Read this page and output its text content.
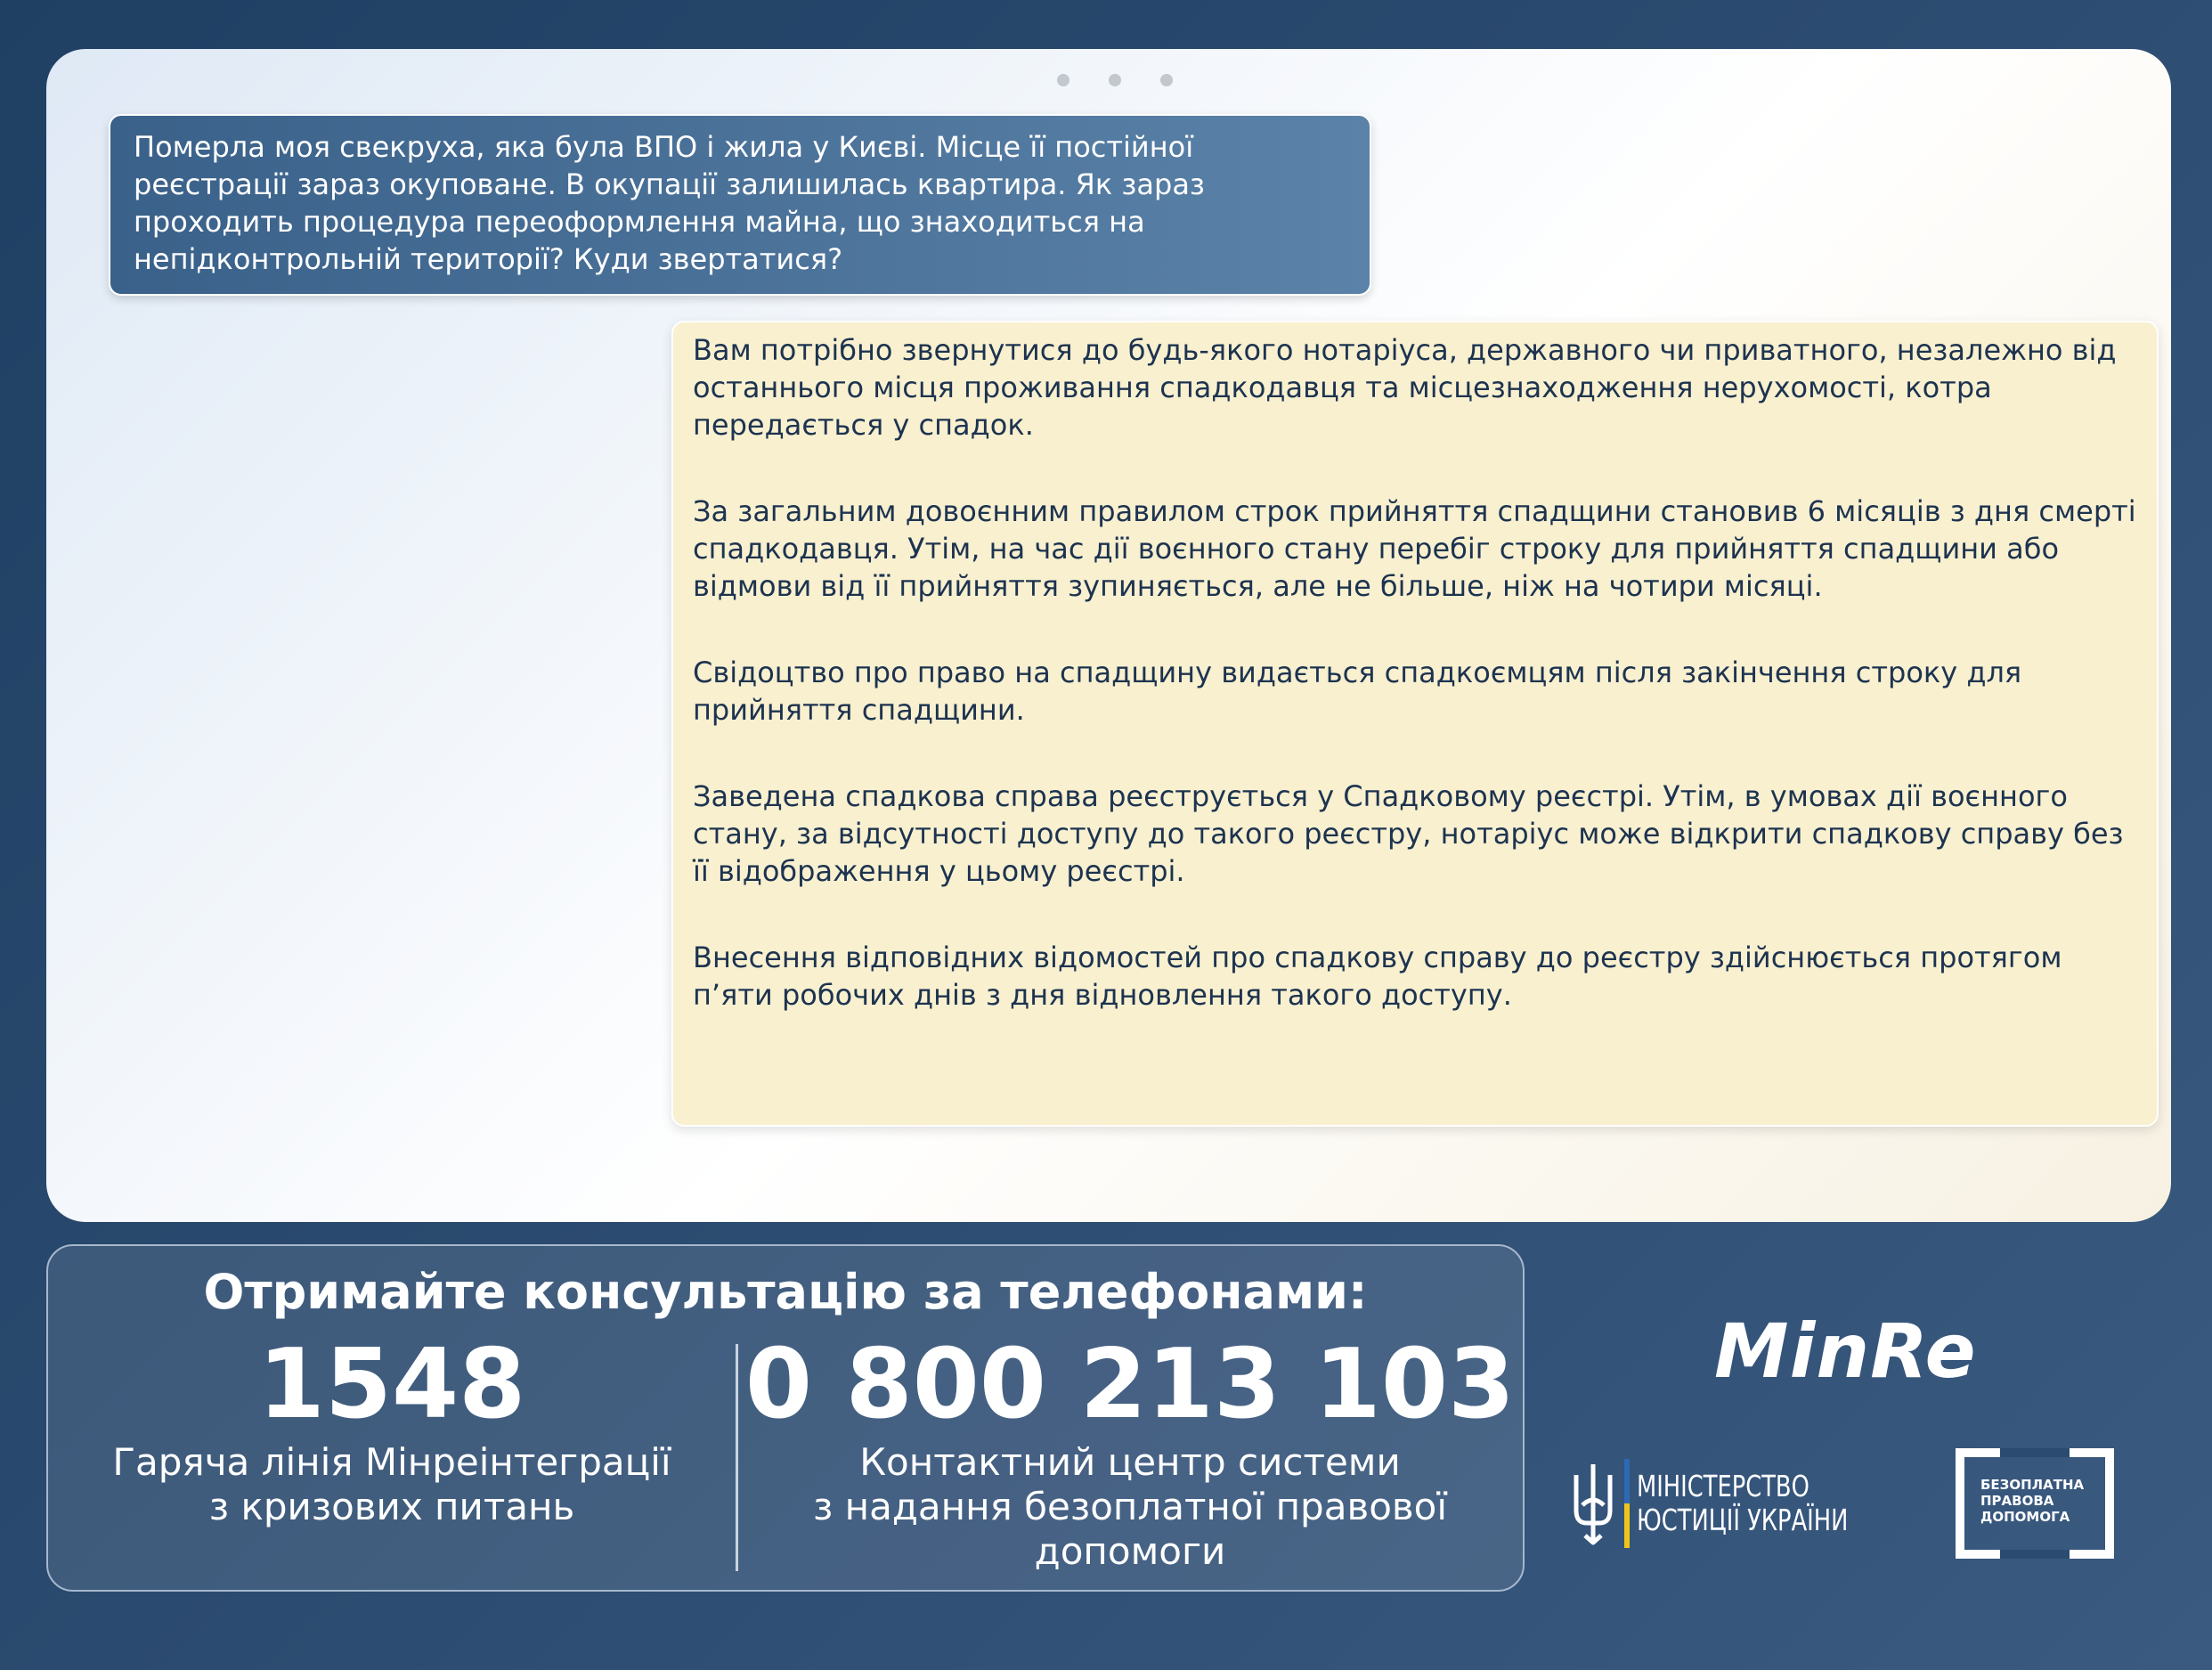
Померла моя свекруха, яка була ВПО і жила у Києві. Місце її постійної реєстрації зараз окуповане. В окупації залишилась квартира. Як зараз проходить процедура переоформлення майна, що знаходиться на непідконтрольній території? Куди звертатися?

Вам потрібно звернутися до будь-якого нотаріуса, державного чи приватного, незалежно від останнього місця проживання спадкодавця та місцезнаходження нерухомості, котра передається у спадок.

За загальним довоєнним правилом строк прийняття спадщини становив 6 місяців з дня смерті спадкодавця. Утім, на час дії воєнного стану перебіг строку для прийняття спадщини або відмови від її прийняття зупиняється, але не більше, ніж на чотири місяці.

Свідоцтво про право на спадщину видається спадкоємцям після закінчення строку для прийняття спадщини.

Заведена спадкова справа реєструється у Спадковому реєстрі. Утім, в умовах дії воєнного стану, за відсутності доступу до такого реєстру, нотаріус може відкрити спадкову справу без її відображення у цьому реєстрі.

Внесення відповідних відомостей про спадкову справу до реєстру здійснюється протягом п’яти робочих днів з дня відновлення такого доступу.

Отримайте консультацію за телефонами:
1548
Гаряча лінія Мінреінтеграції
з кризових питань
0 800 213 103
Контактний центр системи
з надання безоплатної правової
допомоги
MinRe
МІНІСТЕРСТВО
ЮСТИЦІЇ УКРАЇНИ
БЕЗОПЛАТНА
ПРАВОВА
ДОПОМОГА
